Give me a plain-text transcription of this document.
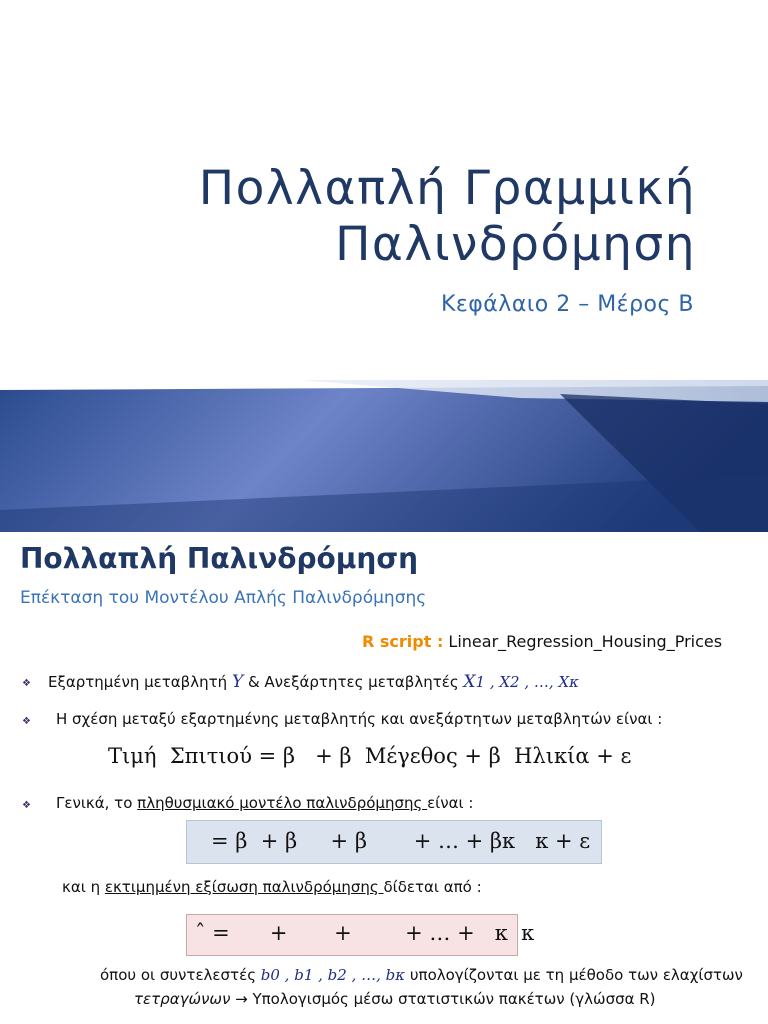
Πολλαπλή Γραμμική
Παλινδρόμηση
Κεφάλαιο 2 – Μέρος Β
Πολλαπλή Παλινδρόμηση
Επέκταση του Μοντέλου Απλής Παλινδρόμησης
R script : Linear_Regression_Housing_Prices
❖ Εξαρτημένη μεταβλητή Y & Ανεξάρτητες μεταβλητές X1 , X2 , …, Xκ
❖ Η σχέση μεταξύ εξαρτημένης μεταβλητής και ανεξάρτητων μεταβλητών είναι :
Τιμή  Σπιτιού = β   + β  Μέγεθος + β  Ηλικία + ε
❖ Γενικά, το πληθυσμιακό μοντέλο παλινδρόμησης είναι :
= β  + β     + β       + … + βκ   κ + ε
και η εκτιμημένη εξίσωση παλινδρόμησης δίδεται από :
ˆ =      +       +        + … +   κ  κ
όπου οι συντελεστές b0 , b1 , b2 , …, bκ υπολογίζονται με τη μέθοδο των ελαχίστων
τετραγώνων → Υπολογισμός μέσω στατιστικών πακέτων (γλώσσα R)
